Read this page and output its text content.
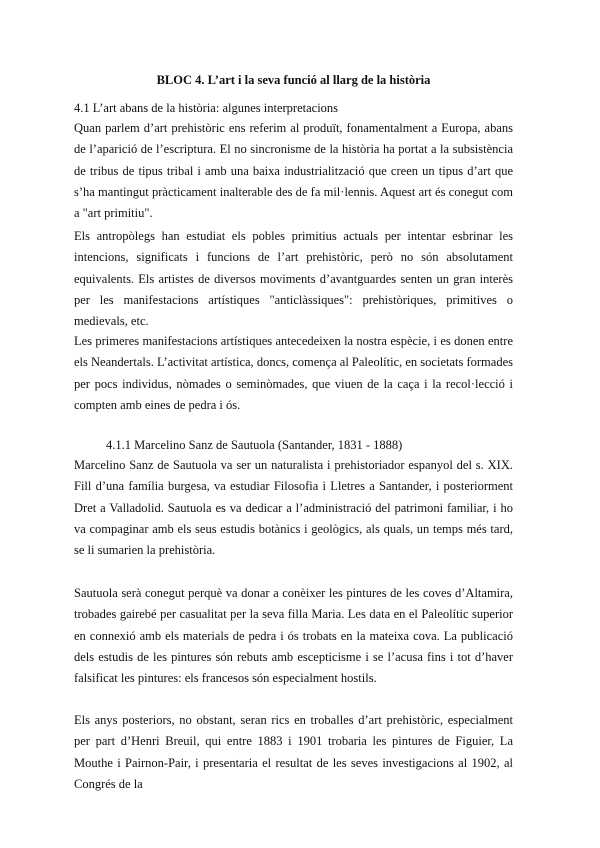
BLOC 4. L’art i la seva funció al llarg de la història

4.1 L’art abans de la història: algunes interpretacions

Quan parlem d’art prehistòric ens referim al produït, fonamentalment a Europa, abans de l’aparició de l’escriptura. El no sincronisme de la història ha portat a la subsistència de tribus de tipus tribal i amb una baixa industrialització que creen un tipus d’art que s’ha mantingut pràcticament inalterable des de fa mil·lennis. Aquest art és conegut com a "art primitiu".

Els antropòlegs han estudiat els pobles primitius actuals per intentar esbrinar les intencions, significats i funcions de l’art prehistòric, però no són absolutament equivalents. Els artistes de diversos moviments d’avantguardes senten un gran interès per les manifestacions artístiques "anticlàssiques": prehistòriques, primitives o medievals, etc.

Les primeres manifestacions artístiques antecedeixen la nostra espècie, i es donen entre els Neandertals. L’activitat artística, doncs, comença al Paleolític, en societats formades per pocs individus, nòmades o seminòmades, que viuen de la caça i la recol·lecció i compten amb eines de pedra i ós.

4.1.1 Marcelino Sanz de Sautuola (Santander, 1831 - 1888)

Marcelino Sanz de Sautuola va ser un naturalista i prehistoriador espanyol del s. XIX. Fill d’una família burgesa, va estudiar Filosofia i Lletres a Santander, i posteriorment Dret a Valladolid. Sautuola es va dedicar a l’administració del patrimoni familiar, i ho va compaginar amb els seus estudis botànics i geològics, als quals, un temps més tard, se li sumarien la prehistòria.

Sautuola serà conegut perquè va donar a conèixer les pintures de les coves d’Altamira, trobades gairebé per casualitat per la seva filla Maria. Les data en el Paleolític superior en connexió amb els materials de pedra i ós trobats en la mateixa cova. La publicació dels estudis de les pintures són rebuts amb escepticisme i se l’acusa fins i tot d’haver falsificat les pintures: els francesos són especialment hostils.

Els anys posteriors, no obstant, seran rics en troballes d’art prehistòric, especialment per part d’Henri Breuil, qui entre 1883 i 1901 trobaria les pintures de Figuier, La Mouthe i Pairnon-Pair, i presentaria el resultat de les seves investigacions al 1902, al Congrés de la
